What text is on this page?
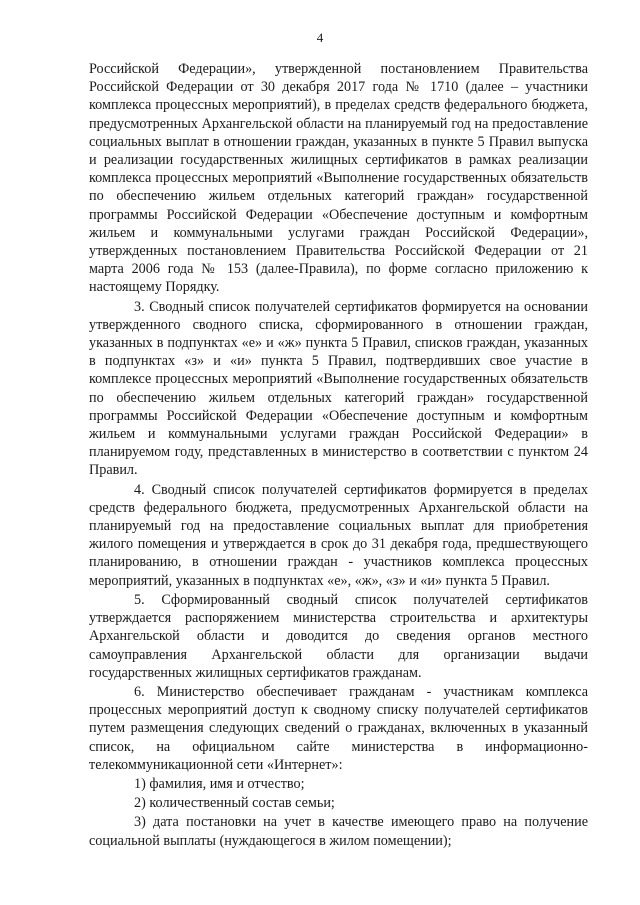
4

Российской Федерации», утвержденной постановлением Правительства Российской Федерации от 30 декабря 2017 года № 1710 (далее – участники комплекса процессных мероприятий), в пределах средств федерального бюджета, предусмотренных Архангельской области на планируемый год на предоставление социальных выплат в отношении граждан, указанных в пункте 5 Правил выпуска и реализации государственных жилищных сертификатов в рамках реализации комплекса процессных мероприятий «Выполнение государственных обязательств по обеспечению жильем отдельных категорий граждан» государственной программы Российской Федерации «Обеспечение доступным и комфортным жильем и коммунальными услугами граждан Российской Федерации», утвержденных постановлением Правительства Российской Федерации от 21 марта 2006 года № 153 (далее-Правила), по форме согласно приложению к настоящему Порядку.

3. Сводный список получателей сертификатов формируется на основании утвержденного сводного списка, сформированного в отношении граждан, указанных в подпунктах «е» и «ж» пункта 5 Правил, списков граждан, указанных в подпунктах «з» и «и» пункта 5 Правил, подтвердивших свое участие в комплексе процессных мероприятий «Выполнение государственных обязательств по обеспечению жильем отдельных категорий граждан» государственной программы Российской Федерации «Обеспечение доступным и комфортным жильем и коммунальными услугами граждан Российской Федерации» в планируемом году, представленных в министерство в соответствии с пунктом 24 Правил.

4. Сводный список получателей сертификатов формируется в пределах средств федерального бюджета, предусмотренных Архангельской области на планируемый год на предоставление социальных выплат для приобретения жилого помещения и утверждается в срок до 31 декабря года, предшествующего планированию, в отношении граждан - участников комплекса процессных мероприятий, указанных в подпунктах «е», «ж», «з» и «и» пункта 5 Правил.

5. Сформированный сводный список получателей сертификатов утверждается распоряжением министерства строительства и архитектуры Архангельской области и доводится до сведения органов местного самоуправления Архангельской области для организации выдачи государственных жилищных сертификатов гражданам.

6. Министерство обеспечивает гражданам - участникам комплекса процессных мероприятий доступ к сводному списку получателей сертификатов путем размещения следующих сведений о гражданах, включенных в указанный список, на официальном сайте министерства в информационно-телекоммуникационной сети «Интернет»:

1) фамилия, имя и отчество;

2) количественный состав семьи;

3) дата постановки на учет в качестве имеющего право на получение социальной выплаты (нуждающегося в жилом помещении);
